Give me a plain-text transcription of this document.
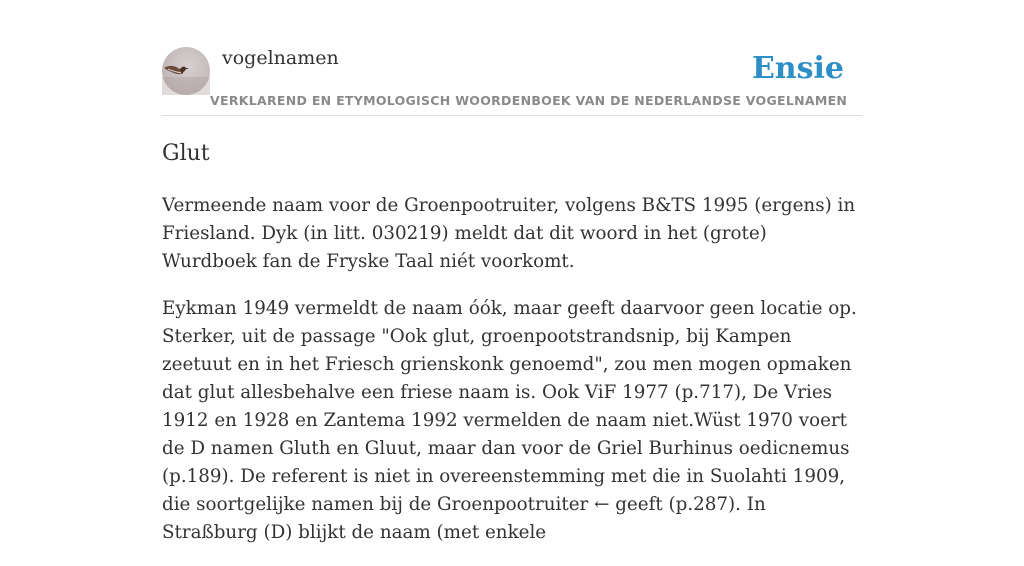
vogelnamen	Ensie
VERKLAREND EN ETYMOLOGISCH WOORDENBOEK VAN DE NEDERLANDSE VOGELNAMEN
Glut

Vermeende naam voor de Groenpootruiter, volgens B&TS 1995 (ergens) in Friesland. Dyk (in litt. 030219) meldt dat dit woord in het (grote) Wurdboek fan de Fryske Taal niét voorkomt.

Eykman 1949 vermeldt de naam óók, maar geeft daarvoor geen locatie op. Sterker, uit de passage "Ook glut, groenpootstrandsnip, bij Kampen zeetuut en in het Friesch grienskonk genoemd", zou men mogen opmaken dat glut allesbehalve een friese naam is. Ook ViF 1977 (p.717), De Vries 1912 en 1928 en Zantema 1992 vermelden de naam niet.Wüst 1970 voert de D namen Gluth en Gluut, maar dan voor de Griel Burhinus oedicnemus (p.189). De referent is niet in overeenstemming met die in Suolahti 1909, die soortgelijke namen bij de Groenpootruiter ← geeft (p.287). In Straßburg (D) blijkt de naam (met enkele
